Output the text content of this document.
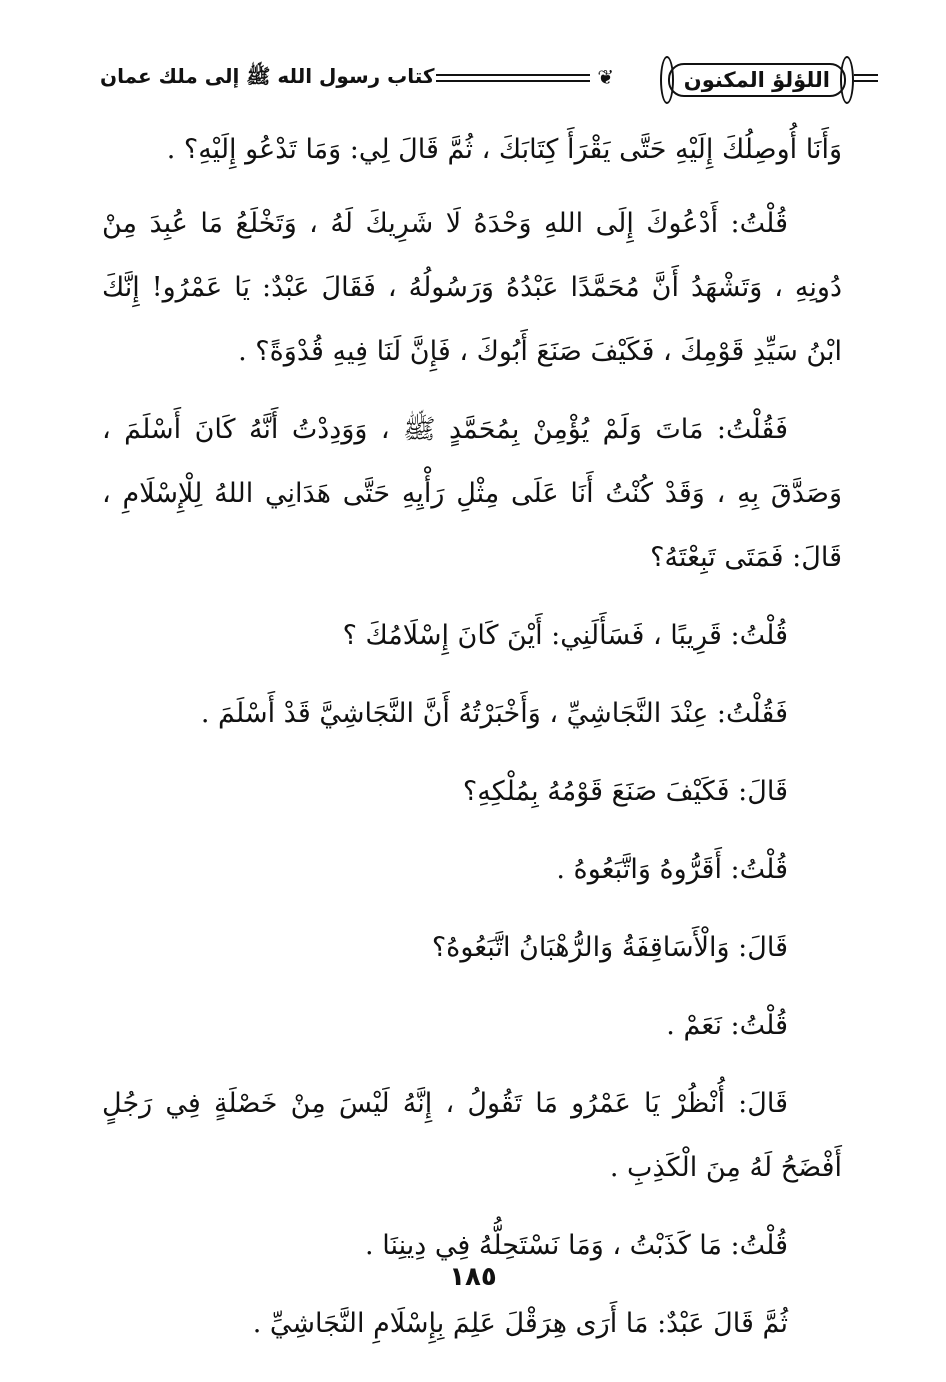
اللؤلؤ المكنون
❦
كتاب رسول الله ﷺ إلى ملك عمان

وَأَنَا أُوصِلُكَ إِلَيْهِ حَتَّى يَقْرَأَ كِتَابَكَ ، ثُمَّ قَالَ لِي: وَمَا تَدْعُو إِلَيْهِ؟ .

قُلْتُ: أَدْعُوكَ إِلَى اللهِ وَحْدَهُ لَا شَرِيكَ لَهُ ، وَتَخْلَعُ مَا عُبِدَ مِنْ دُونِهِ ، وَتَشْهَدُ أَنَّ مُحَمَّدًا عَبْدُهُ وَرَسُولُهُ ، فَقَالَ عَبْدٌ: يَا عَمْرُو! إِنَّكَ ابْنُ سَيِّدِ قَوْمِكَ ، فَكَيْفَ صَنَعَ أَبُوكَ ، فَإِنَّ لَنَا فِيهِ قُدْوَةً؟ .

فَقُلْتُ: مَاتَ وَلَمْ يُؤْمِنْ بِمُحَمَّدٍ ﷺ ، وَوَدِدْتُ أَنَّهُ كَانَ أَسْلَمَ ، وَصَدَّقَ بِهِ ، وَقَدْ كُنْتُ أَنَا عَلَى مِثْلِ رَأْيِهِ حَتَّى هَدَانِي اللهُ لِلْإِسْلَامِ ، قَالَ: فَمَتَى تَبِعْتَهُ؟

قُلْتُ: قَرِيبًا ، فَسَأَلَنِي: أَيْنَ كَانَ إِسْلَامُكَ ؟

فَقُلْتُ: عِنْدَ النَّجَاشِيِّ ، وَأَخْبَرْتُهُ أَنَّ النَّجَاشِيَّ قَدْ أَسْلَمَ .

قَالَ: فَكَيْفَ صَنَعَ قَوْمُهُ بِمُلْكِهِ؟

قُلْتُ: أَقَرُّوهُ وَاتَّبَعُوهُ .

قَالَ: وَالْأَسَاقِفَةُ وَالرُّهْبَانُ اتَّبَعُوهُ؟

قُلْتُ: نَعَمْ .

قَالَ: أُنْظُرْ يَا عَمْرُو مَا تَقُولُ ، إِنَّهُ لَيْسَ مِنْ خَصْلَةٍ فِي رَجُلٍ أَفْضَحُ لَهُ مِنَ الْكَذِبِ .

قُلْتُ: مَا كَذَبْتُ ، وَمَا نَسْتَحِلُّهُ فِي دِينِنَا .

ثُمَّ قَالَ عَبْدٌ: مَا أَرَى هِرَقْلَ عَلِمَ بِإِسْلَامِ النَّجَاشِيِّ .

١٨٥
